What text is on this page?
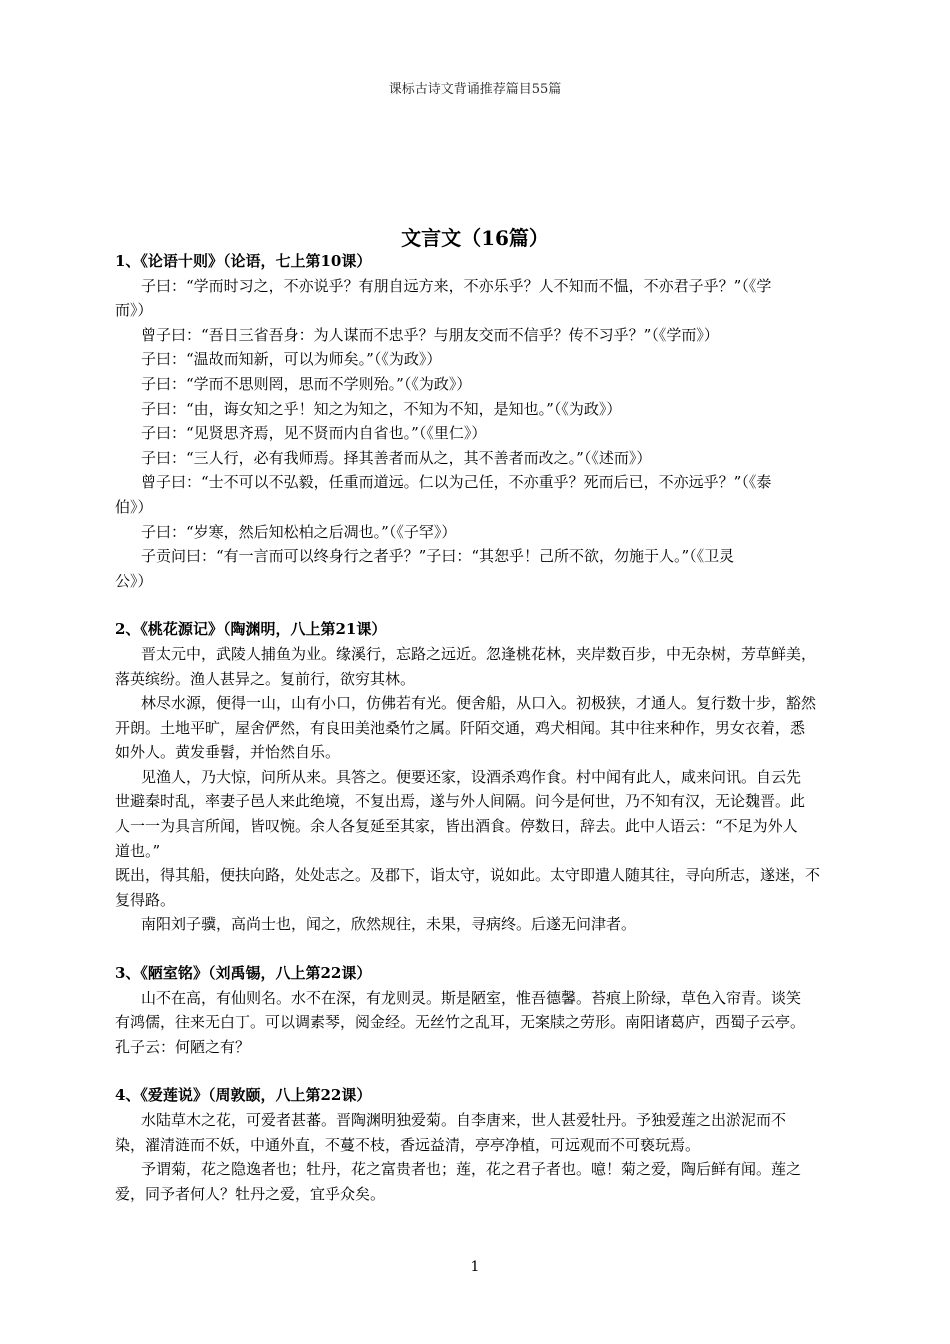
课标古诗文背诵推荐篇目55篇
文言文（16篇）

1、《论语十则》（论语，七上第10课）

子曰：“学而时习之，不亦说乎？有朋自远方来，不亦乐乎？人不知而不愠，不亦君子乎？”（《学

而》）

曾子曰：“吾日三省吾身：为人谋而不忠乎？与朋友交而不信乎？传不习乎？”（《学而》）

子曰：“温故而知新，可以为师矣。”（《为政》）

子曰：“学而不思则罔，思而不学则殆。”（《为政》）

子曰：“由，诲女知之乎！知之为知之，不知为不知，是知也。”（《为政》）

子曰：“见贤思齐焉，见不贤而内自省也。”（《里仁》）

子曰：“三人行，必有我师焉。择其善者而从之，其不善者而改之。”（《述而》）

曾子曰：“士不可以不弘毅，任重而道远。仁以为己任，不亦重乎？死而后已，不亦远乎？”（《泰

伯》）

子曰：“岁寒，然后知松柏之后凋也。”（《子罕》）

子贡问曰：“有一言而可以终身行之者乎？”子曰：“其恕乎！己所不欲，勿施于人。”（《卫灵

公》）

2、《桃花源记》（陶渊明，八上第21课）

晋太元中，武陵人捕鱼为业。缘溪行，忘路之远近。忽逢桃花林，夹岸数百步，中无杂树，芳草鲜美，

落英缤纷。渔人甚异之。复前行，欲穷其林。

林尽水源，便得一山，山有小口，仿佛若有光。便舍船，从口入。初极狭，才通人。复行数十步，豁然

开朗。土地平旷，屋舍俨然，有良田美池桑竹之属。阡陌交通，鸡犬相闻。其中往来种作，男女衣着，悉

如外人。黄发垂髫，并怡然自乐。

见渔人，乃大惊，问所从来。具答之。便要还家，设酒杀鸡作食。村中闻有此人，咸来问讯。自云先

世避秦时乱，率妻子邑人来此绝境，不复出焉，遂与外人间隔。问今是何世，乃不知有汉，无论魏晋。此

人一一为具言所闻，皆叹惋。余人各复延至其家，皆出酒食。停数日，辞去。此中人语云：“不足为外人

道也。”

既出，得其船，便扶向路，处处志之。及郡下，诣太守，说如此。太守即遣人随其往，寻向所志，遂迷，不

复得路。

南阳刘子骥，高尚士也，闻之，欣然规往，未果，寻病终。后遂无问津者。

3、《陋室铭》（刘禹锡，八上第22课）

山不在高，有仙则名。水不在深，有龙则灵。斯是陋室，惟吾德馨。苔痕上阶绿，草色入帘青。谈笑

有鸿儒，往来无白丁。可以调素琴，阅金经。无丝竹之乱耳，无案牍之劳形。南阳诸葛庐，西蜀子云亭。

孔子云：何陋之有？

4、《爱莲说》（周敦颐，八上第22课）

水陆草木之花，可爱者甚蕃。晋陶渊明独爱菊。自李唐来，世人甚爱牡丹。予独爱莲之出淤泥而不

染，濯清涟而不妖，中通外直，不蔓不枝，香远益清，亭亭净植，可远观而不可亵玩焉。

予谓菊，花之隐逸者也；牡丹，花之富贵者也；莲，花之君子者也。噫！菊之爱，陶后鲜有闻。莲之

爱，同予者何人？牡丹之爱，宜乎众矣。

1
